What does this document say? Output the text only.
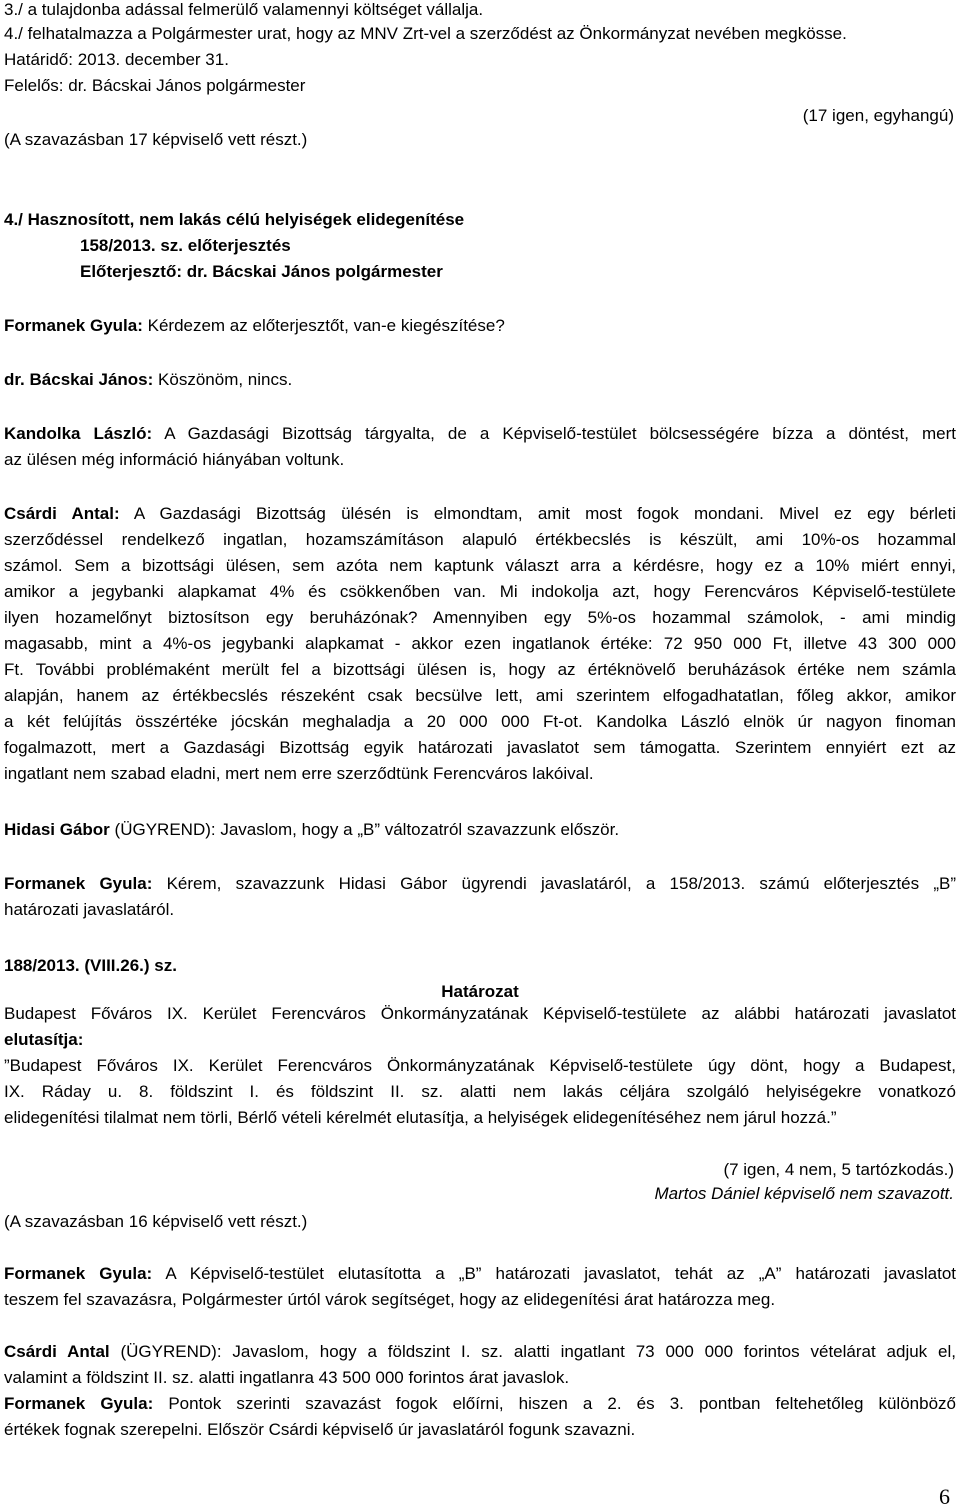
3./ a tulajdonba adással felmerülő valamennyi költséget vállalja.
4./ felhatalmazza a Polgármester urat, hogy az MNV Zrt-vel a szerződést az Önkormányzat nevében megkösse.
Határidő: 2013. december 31.
Felelős: dr. Bácskai János polgármester
(17 igen, egyhangú)
(A szavazásban 17 képviselő vett részt.)
4./ Hasznosított, nem lakás célú helyiségek elidegenítése
158/2013. sz. előterjesztés
Előterjesztő: dr. Bácskai János polgármester
Formanek Gyula: Kérdezem az előterjesztőt, van-e kiegészítése?
dr. Bácskai János: Köszönöm, nincs.
Kandolka László: A Gazdasági Bizottság tárgyalta, de a Képviselő-testület bölcsességére bízza a döntést, mert
az ülésen még információ hiányában voltunk.
Csárdi Antal: A Gazdasági Bizottság ülésén is elmondtam, amit most fogok mondani. Mivel ez egy bérleti
szerződéssel rendelkező ingatlan, hozamszámításon alapuló értékbecslés is készült, ami 10%-os hozammal
számol. Sem a bizottsági ülésen, sem azóta nem kaptunk választ arra a kérdésre, hogy ez a 10% miért ennyi,
amikor a jegybanki alapkamat 4% és csökkenőben van. Mi indokolja azt, hogy Ferencváros Képviselő-testülete
ilyen hozamelőnyt biztosítson egy beruházónak? Amennyiben egy 5%-os hozammal számolok, - ami mindig
magasabb, mint a 4%-os jegybanki alapkamat - akkor ezen ingatlanok értéke: 72 950 000 Ft, illetve 43 300 000
Ft. További problémaként merült fel a bizottsági ülésen is, hogy az értéknövelő beruházások értéke nem számla
alapján, hanem az értékbecslés részeként csak becsülve lett, ami szerintem elfogadhatatlan, főleg akkor, amikor
a két felújítás összértéke jócskán meghaladja a 20 000 000 Ft-ot. Kandolka László elnök úr nagyon finoman
fogalmazott, mert a Gazdasági Bizottság egyik határozati javaslatot sem támogatta. Szerintem ennyiért ezt az
ingatlant nem szabad eladni, mert nem erre szerződtünk Ferencváros lakóival.
Hidasi Gábor (ÜGYREND): Javaslom, hogy a „B” változatról szavazzunk először.
Formanek Gyula: Kérem, szavazzunk Hidasi Gábor ügyrendi javaslatáról, a 158/2013. számú előterjesztés „B”
határozati javaslatáról.
188/2013. (VIII.26.) sz.
Határozat
Budapest Főváros IX. Kerület Ferencváros Önkormányzatának Képviselő-testülete az alábbi határozati javaslatot
elutasítja:
”Budapest Főváros IX. Kerület Ferencváros Önkormányzatának Képviselő-testülete úgy dönt, hogy a Budapest,
IX. Ráday u. 8. földszint I. és földszint II. sz. alatti nem lakás céljára szolgáló helyiségekre vonatkozó
elidegenítési tilalmat nem törli, Bérlő vételi kérelmét elutasítja, a helyiségek elidegenítéséhez nem járul hozzá.”
(7 igen, 4 nem, 5 tartózkodás.)
Martos Dániel képviselő nem szavazott.
(A szavazásban 16 képviselő vett részt.)
Formanek Gyula: A Képviselő-testület elutasította a „B” határozati javaslatot, tehát az „A” határozati javaslatot
teszem fel szavazásra, Polgármester úrtól várok segítséget, hogy az elidegenítési árat határozza meg.
Csárdi Antal (ÜGYREND): Javaslom, hogy a földszint I. sz. alatti ingatlant 73 000 000 forintos vételárat adjuk el,
valamint a földszint II. sz. alatti ingatlanra 43 500 000 forintos árat javaslok.
Formanek Gyula: Pontok szerinti szavazást fogok előírni, hiszen a 2. és 3. pontban feltehetőleg különböző
értékek fognak szerepelni. Először Csárdi képviselő úr javaslatáról fogunk szavazni.
6
